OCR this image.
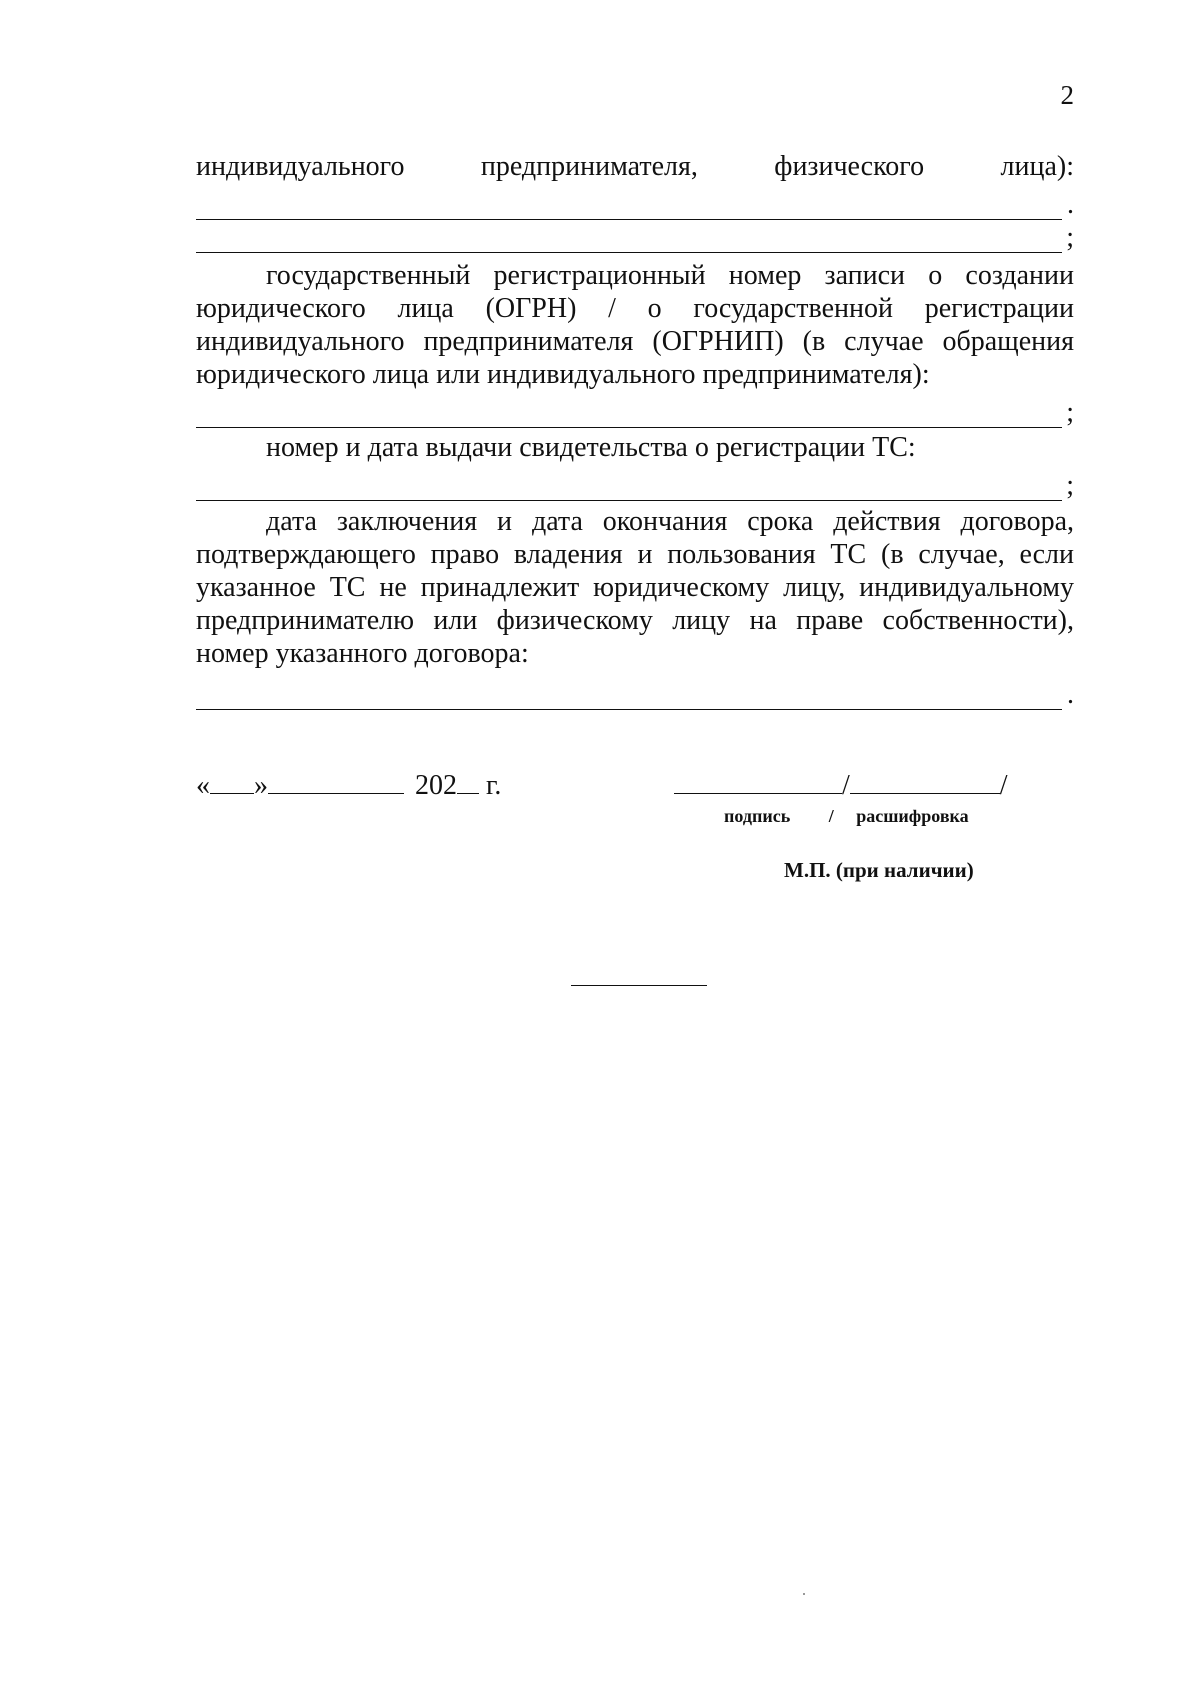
2
индивидуального	предпринимателя,	физического	лица):
.
;
государственный регистрационный номер записи о создании юридического лица (ОГРН) / о государственной регистрации индивидуального предпринимателя (ОГРНИП) (в случае обращения юридического лица или индивидуального предпринимателя):
;
номер и дата выдачи свидетельства о регистрации ТС:
;
дата заключения и дата окончания срока действия договора, подтверждающего право владения и пользования ТС (в случае, если указанное ТС не принадлежит юридическому лицу, индивидуальному предпринимателю или физическому лицу на праве собственности), номер указанного договора:
.
« »	202 г.	/	/
подпись / расшифровка
М.П. (при наличии)
